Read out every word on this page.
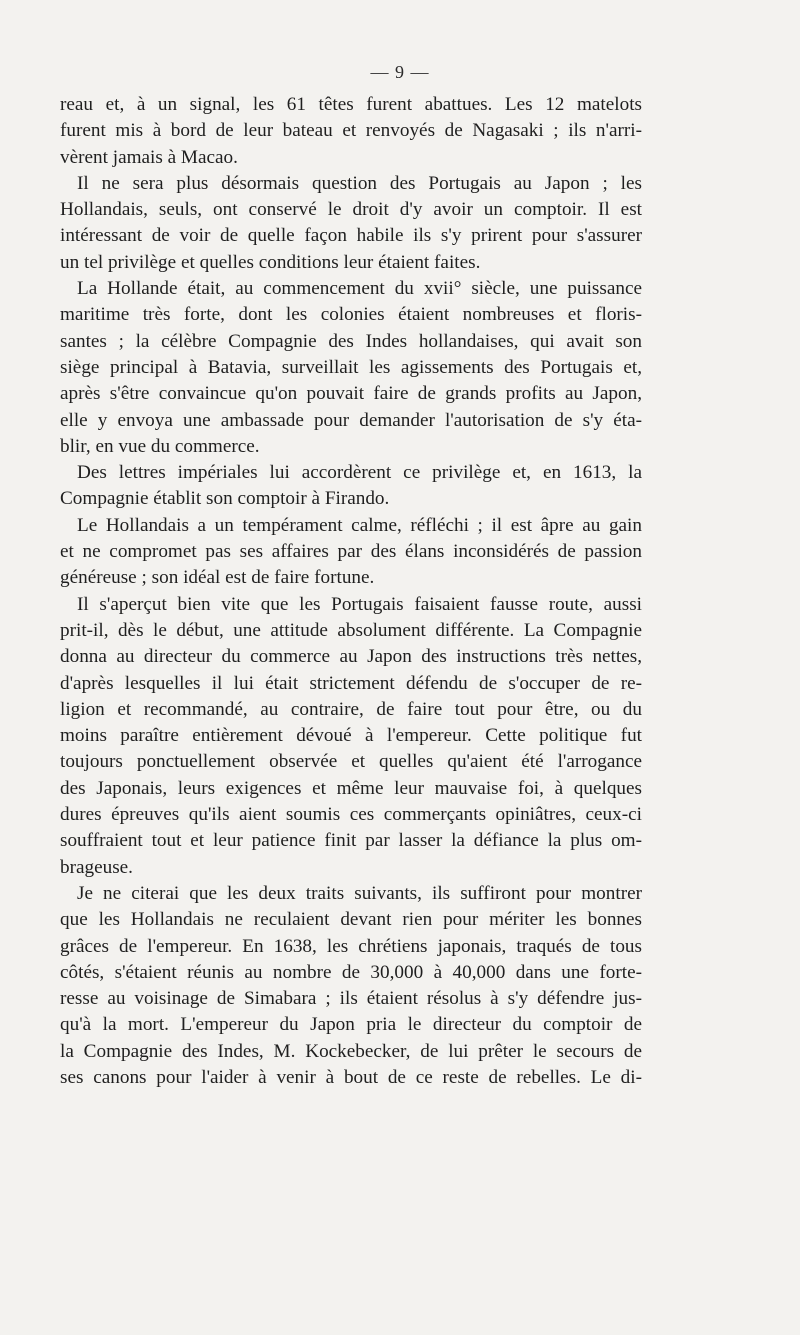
— 9 —
reau et, à un signal, les 61 têtes furent abattues. Les 12 matelots
furent mis à bord de leur bateau et renvoyés de Nagasaki ; ils n'arri-
vèrent jamais à Macao.
Il ne sera plus désormais question des Portugais au Japon ; les
Hollandais, seuls, ont conservé le droit d'y avoir un comptoir. Il est
intéressant de voir de quelle façon habile ils s'y prirent pour s'assurer
un tel privilège et quelles conditions leur étaient faites.
La Hollande était, au commencement du xvii° siècle, une puissance
maritime très forte, dont les colonies étaient nombreuses et floris-
santes ; la célèbre Compagnie des Indes hollandaises, qui avait son
siège principal à Batavia, surveillait les agissements des Portugais et,
après s'être convaincue qu'on pouvait faire de grands profits au Japon,
elle y envoya une ambassade pour demander l'autorisation de s'y éta-
blir, en vue du commerce.
Des lettres impériales lui accordèrent ce privilège et, en 1613, la
Compagnie établit son comptoir à Firando.
Le Hollandais a un tempérament calme, réfléchi ; il est âpre au gain
et ne compromet pas ses affaires par des élans inconsidérés de passion
généreuse ; son idéal est de faire fortune.
Il s'aperçut bien vite que les Portugais faisaient fausse route, aussi
prit-il, dès le début, une attitude absolument différente. La Compagnie
donna au directeur du commerce au Japon des instructions très nettes,
d'après lesquelles il lui était strictement défendu de s'occuper de re-
ligion et recommandé, au contraire, de faire tout pour être, ou du
moins paraître entièrement dévoué à l'empereur. Cette politique fut
toujours ponctuellement observée et quelles qu'aient été l'arrogance
des Japonais, leurs exigences et même leur mauvaise foi, à quelques
dures épreuves qu'ils aient soumis ces commerçants opiniâtres, ceux-ci
souffraient tout et leur patience finit par lasser la défiance la plus om-
brageuse.
Je ne citerai que les deux traits suivants, ils suffiront pour montrer
que les Hollandais ne reculaient devant rien pour mériter les bonnes
grâces de l'empereur. En 1638, les chrétiens japonais, traqués de tous
côtés, s'étaient réunis au nombre de 30,000 à 40,000 dans une forte-
resse au voisinage de Simabara ; ils étaient résolus à s'y défendre jus-
qu'à la mort. L'empereur du Japon pria le directeur du comptoir de
la Compagnie des Indes, M. Kockebecker, de lui prêter le secours de
ses canons pour l'aider à venir à bout de ce reste de rebelles. Le di-
